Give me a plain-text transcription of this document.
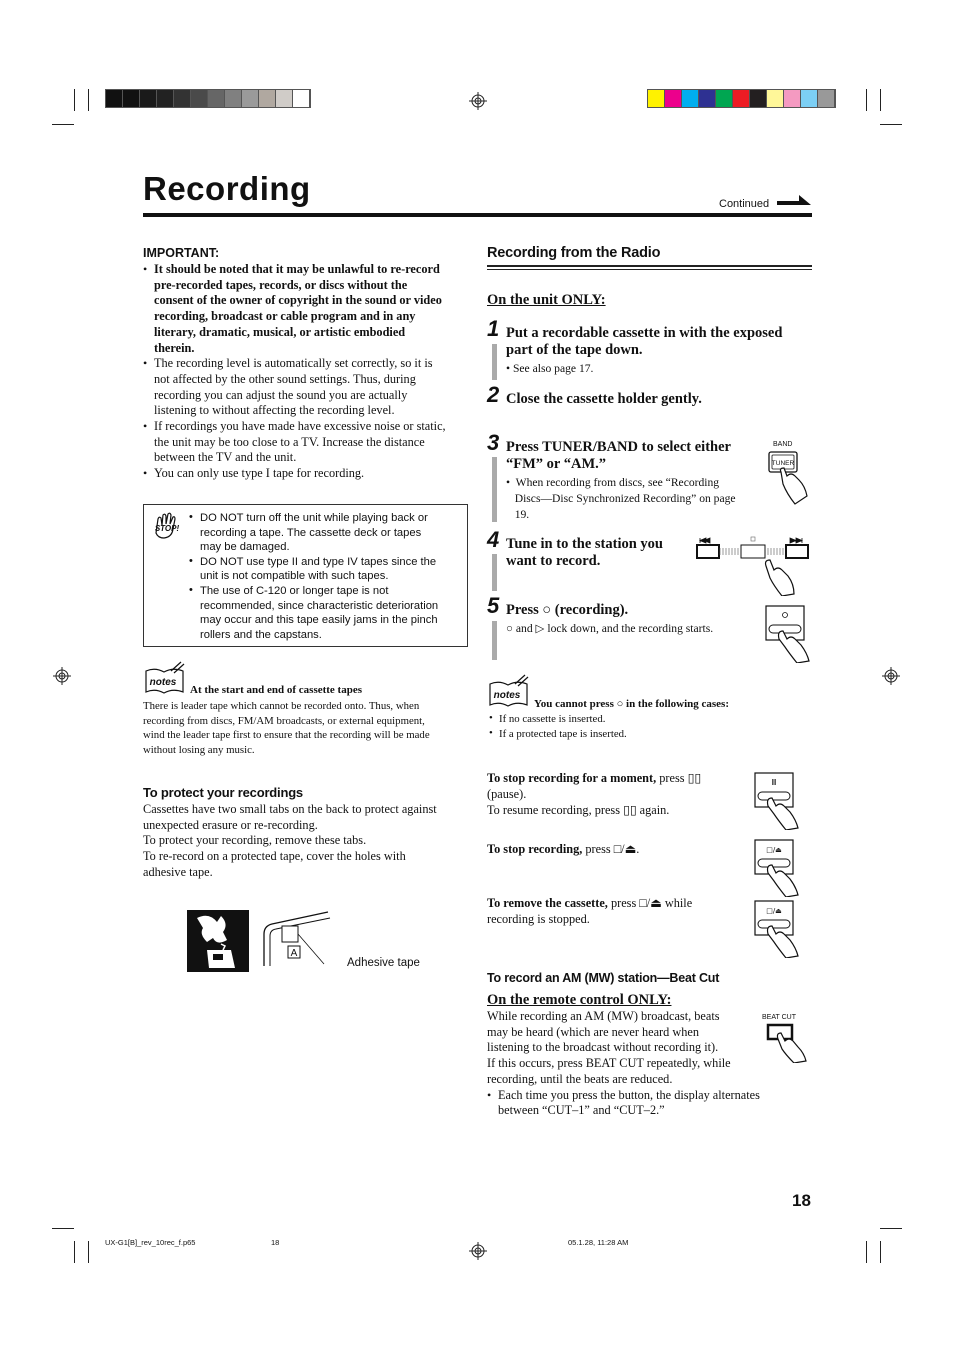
Recording	Continued
IMPORTANT:
It should be noted that it may be unlawful to re-record
•
pre-recorded tapes, records, or discs without the
consent of the owner of copyright in the sound or video
recording, broadcast or cable program and in any
literary, dramatic, musical, or artistic embodied
therein.
The recording level is automatically set correctly, so it is
•
not affected by the other sound settings. Thus, during
recording you can adjust the sound you are actually
listening to without affecting the recording level.
If recordings you have made have excessive noise or static,
•
the unit may be too close to a TV. Increase the distance
between the TV and the unit.
You can only use type I tape for recording.
•
STOP!
DO NOT turn off the unit while playing back or
•
recording a tape. The cassette deck or tapes
may be damaged.
DO NOT use type II and type IV tapes since the
•
unit is not compatible with such tapes.
The use of C-120 or longer tape is not
•
recommended, since characteristic deterioration
may occur and this tape easily jams in the pinch
rollers and the capstans.
notes
At the start and end of cassette tapes
There is leader tape which cannot be recorded onto. Thus, when
recording from discs, FM/AM broadcasts, or external equipment,
wind the leader tape first to ensure that the recording will be made
without losing any music.
To protect your recordings
Cassettes have two small tabs on the back to protect against
unexpected erasure or re-recording.
To protect your recording, remove these tabs.
To re-record on a protected tape, cover the holes with
adhesive tape.
A
Adhesive tape
Recording from the Radio
On the unit ONLY:
1 Put a recordable cassette in with the exposed
part of the tape down.
• See also page 17.
2 Close the cassette holder gently.
3 Press TUNER/BAND to select either
“FM” or “AM.”
•  When recording from discs, see “Recording
Discs—Disc Synchronized Recording” on page
19.
4 Tune in to the station you
want to record.
5 Press ○ (recording).
○ and ▷ lock down, and the recording starts.
BAND
TUNER
notes
You cannot press ○ in the following cases:
• If no cassette is inserted.
• If a protected tape is inserted.
To stop recording for a moment, press ▯▯
(pause).
To resume recording, press ▯▯ again.
To stop recording, press □/⏏.
To remove the cassette, press □/⏏ while
recording is stopped.
II
□/⏏
□/⏏
To record an AM (MW) station—Beat Cut
On the remote control ONLY:
While recording an AM (MW) broadcast, beats
may be heard (which are never heard when
listening to the broadcast without recording it).
If this occurs, press BEAT CUT repeatedly, while
recording, until the beats are reduced.
• Each time you press the button, the display alternates
between “CUT–1” and “CUT–2.”
BEAT CUT
18
UX-G1[B]_rev_10rec_f.p65	18	05.1.28, 11:28 AM
